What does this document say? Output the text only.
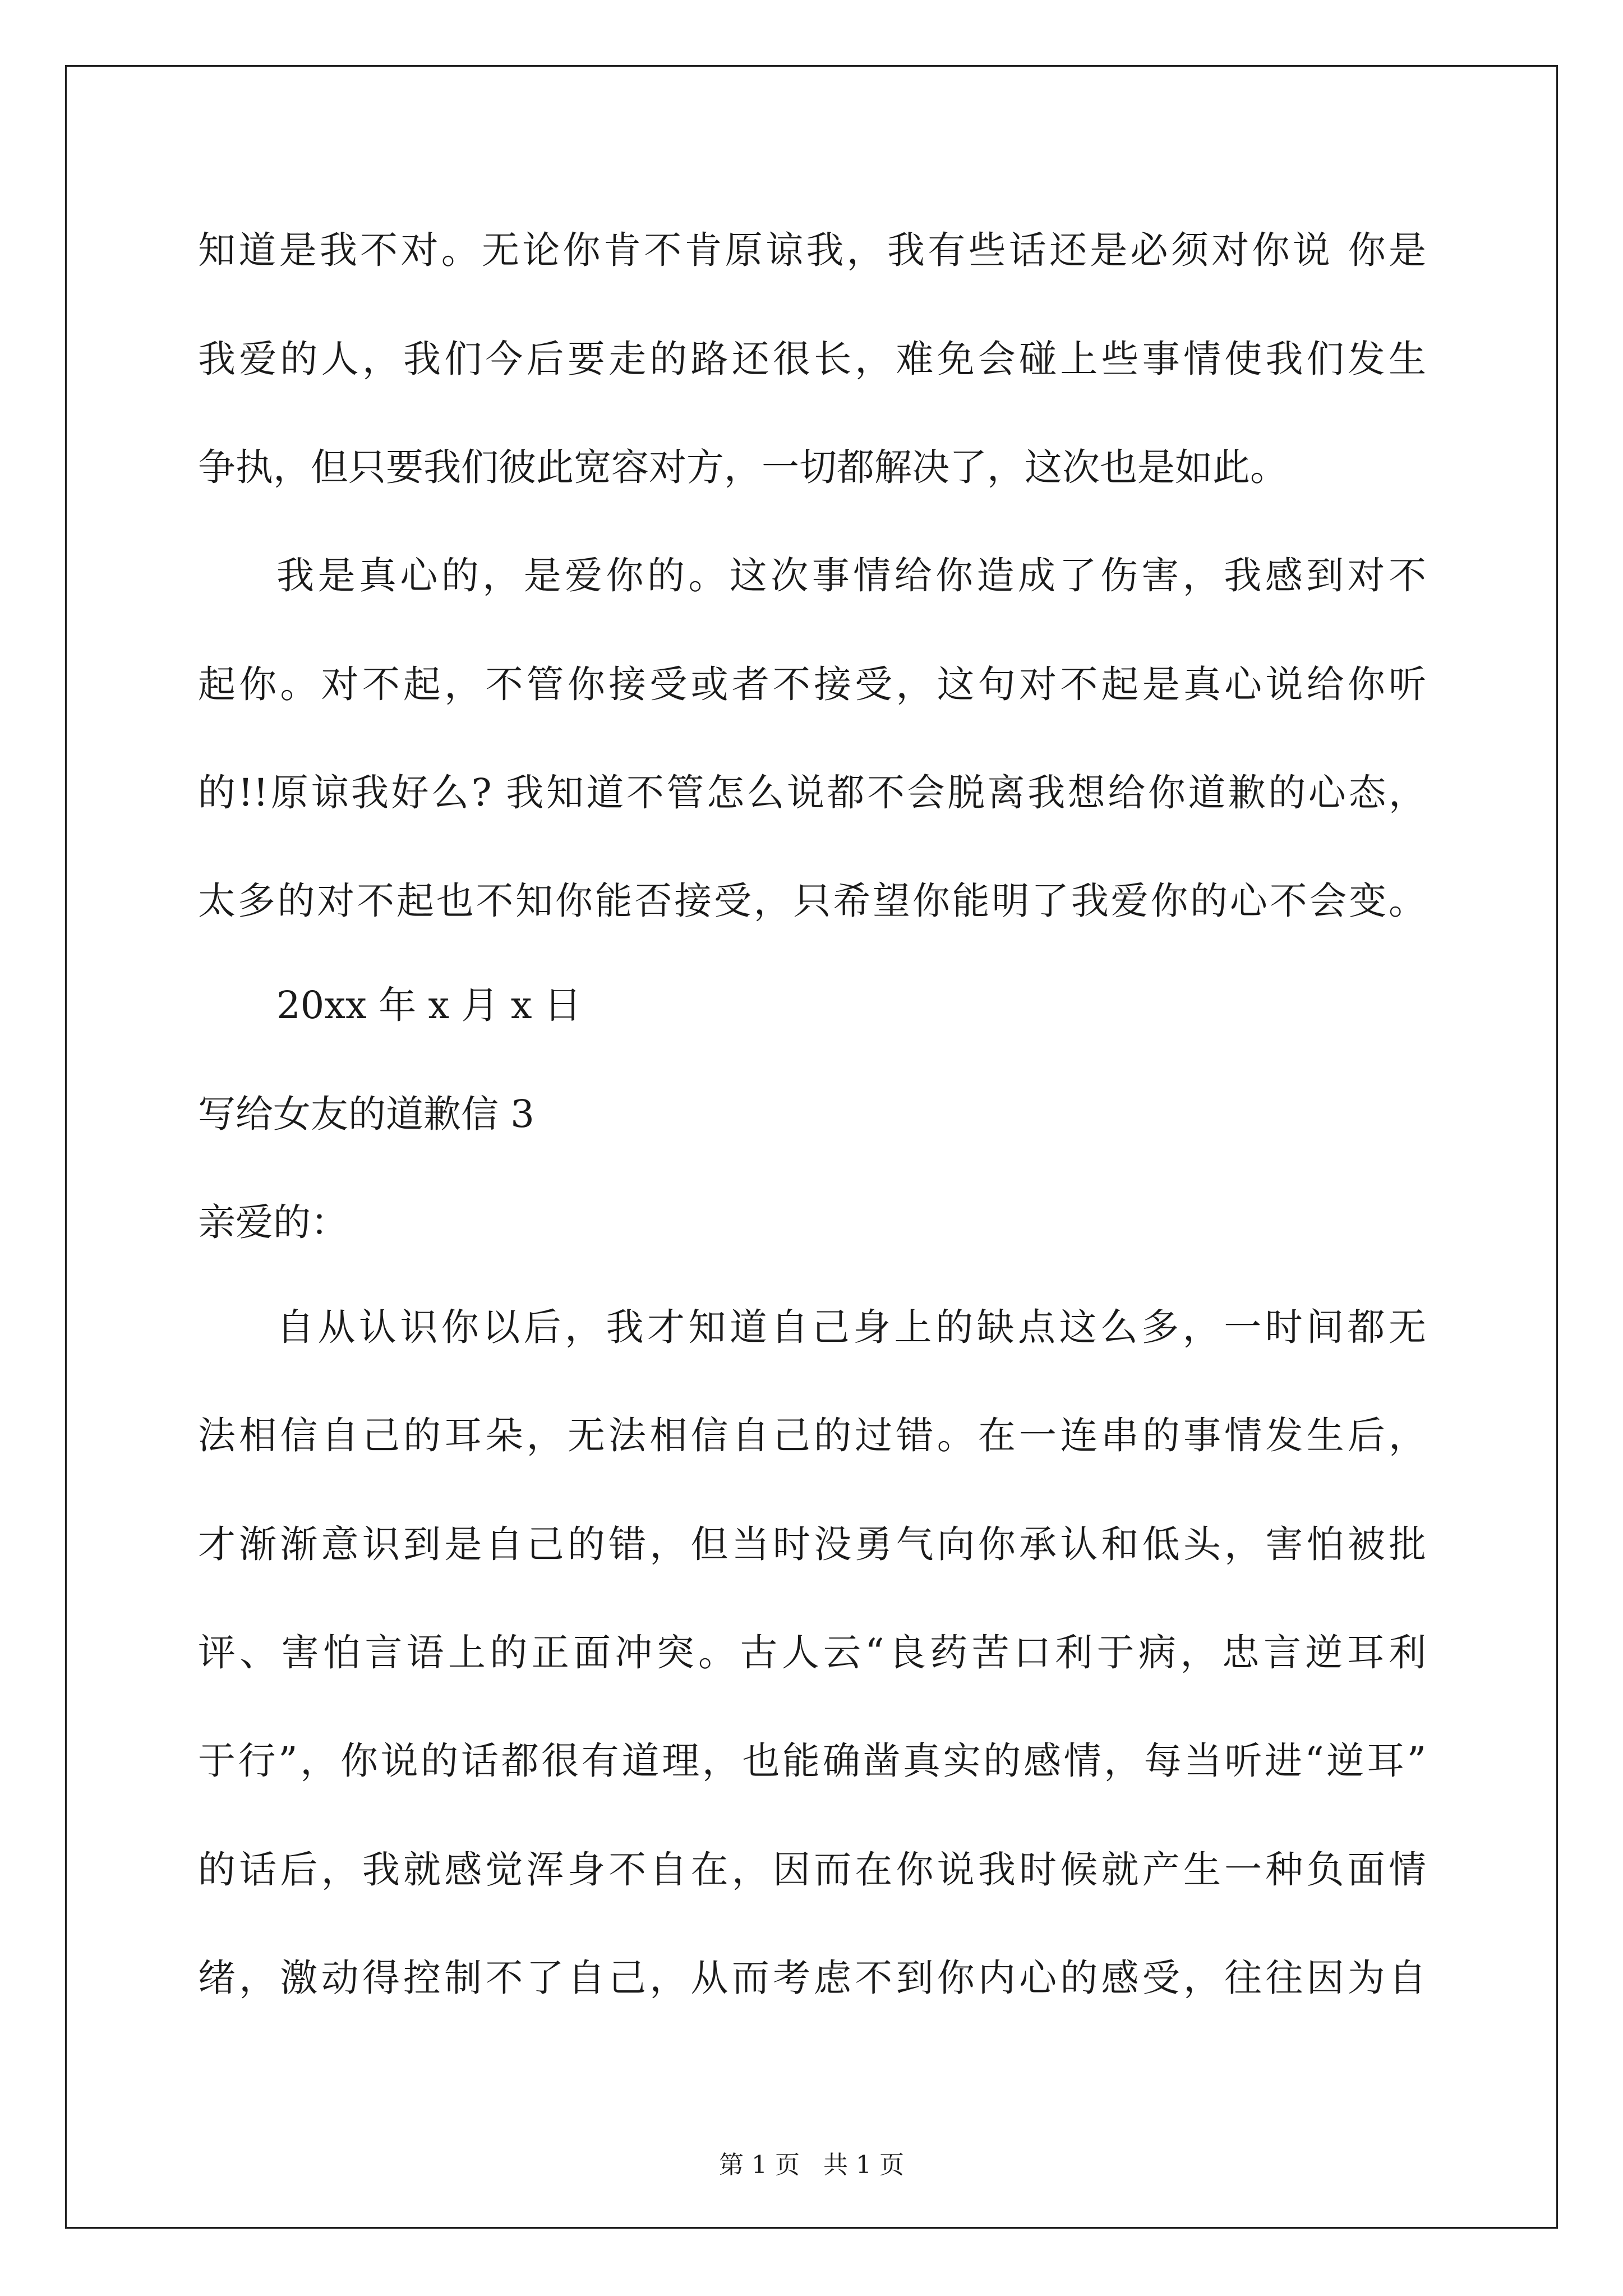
知道是我不对。无论你肯不肯原谅我，我有些话还是必须对你说 你是
我爱的人，我们今后要走的路还很长，难免会碰上些事情使我们发生
争执，但只要我们彼此宽容对方，一切都解决了，这次也是如此。
我是真心的，是爱你的。这次事情给你造成了伤害，我感到对不
起你。对不起，不管你接受或者不接受，这句对不起是真心说给你听
的!!原谅我好么? 我知道不管怎么说都不会脱离我想给你道歉的心态，
太多的对不起也不知你能否接受，只希望你能明了我爱你的心不会变。
20xx 年 x 月 x 日
写给女友的道歉信 3
亲爱的：
自从认识你以后，我才知道自己身上的缺点这么多，一时间都无
法相信自己的耳朵，无法相信自己的过错。在一连串的事情发生后，
才渐渐意识到是自己的错，但当时没勇气向你承认和低头，害怕被批
评、害怕言语上的正面冲突。古人云“良药苦口利于病，忠言逆耳利
于行”，你说的话都很有道理，也能确凿真实的感情，每当听进“逆耳”
的话后，我就感觉浑身不自在，因而在你说我时候就产生一种负面情
绪，激动得控制不了自己，从而考虑不到你内心的感受，往往因为自
第 1 页   共 1 页
